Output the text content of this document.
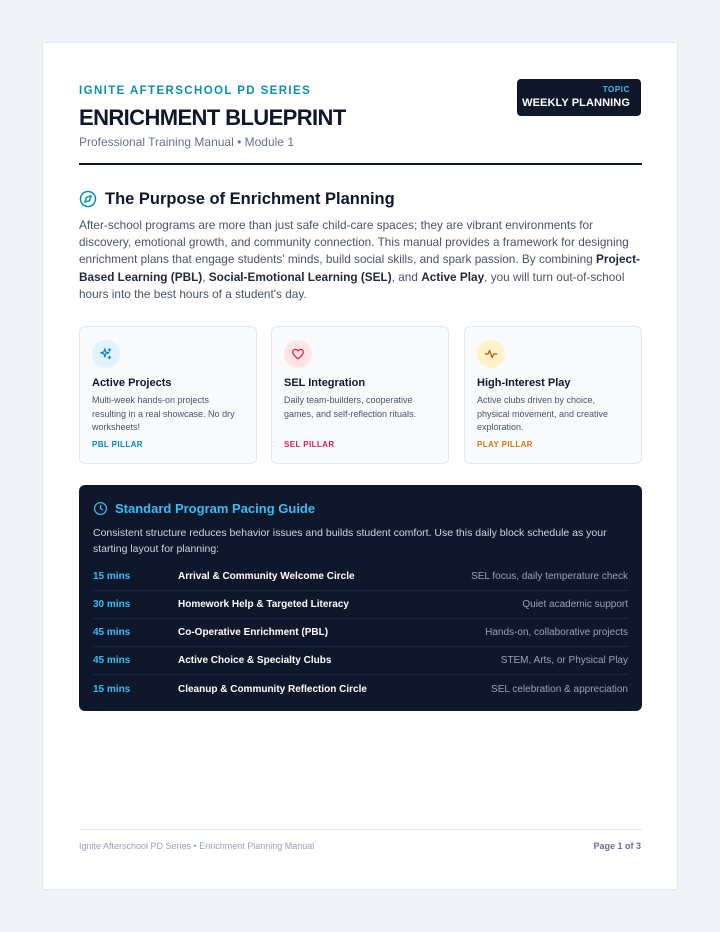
IGNITE AFTERSCHOOL PD SERIES
ENRICHMENT BLUEPRINT
Professional Training Manual • Module 1
TOPIC
WEEKLY PLANNING
The Purpose of Enrichment Planning

After-school programs are more than just safe child-care spaces; they are vibrant environments for discovery, emotional growth, and community connection. This manual provides a framework for designing enrichment plans that engage students' minds, build social skills, and spark passion. By combining Project-Based Learning (PBL), Social-Emotional Learning (SEL), and Active Play, you will turn out-of-school hours into the best hours of a student's day.

Active Projects
Multi-week hands-on projects resulting in a real showcase. No dry worksheets!
PBL PILLAR
SEL Integration
Daily team-builders, cooperative games, and self-reflection rituals.
SEL PILLAR
High-Interest Play
Active clubs driven by choice, physical movement, and creative exploration.
PLAY PILLAR
Standard Program Pacing Guide

Consistent structure reduces behavior issues and builds student comfort. Use this daily block schedule as your starting layout for planning:

15 mins	Arrival & Community Welcome Circle	SEL focus, daily temperature check
30 mins	Homework Help & Targeted Literacy	Quiet academic support
45 mins	Co-Operative Enrichment (PBL)	Hands-on, collaborative projects
45 mins	Active Choice & Specialty Clubs	STEM, Arts, or Physical Play
15 mins	Cleanup & Community Reflection Circle	SEL celebration & appreciation
Ignite Afterschool PD Series • Enrichment Planning Manual	Page 1 of 3
